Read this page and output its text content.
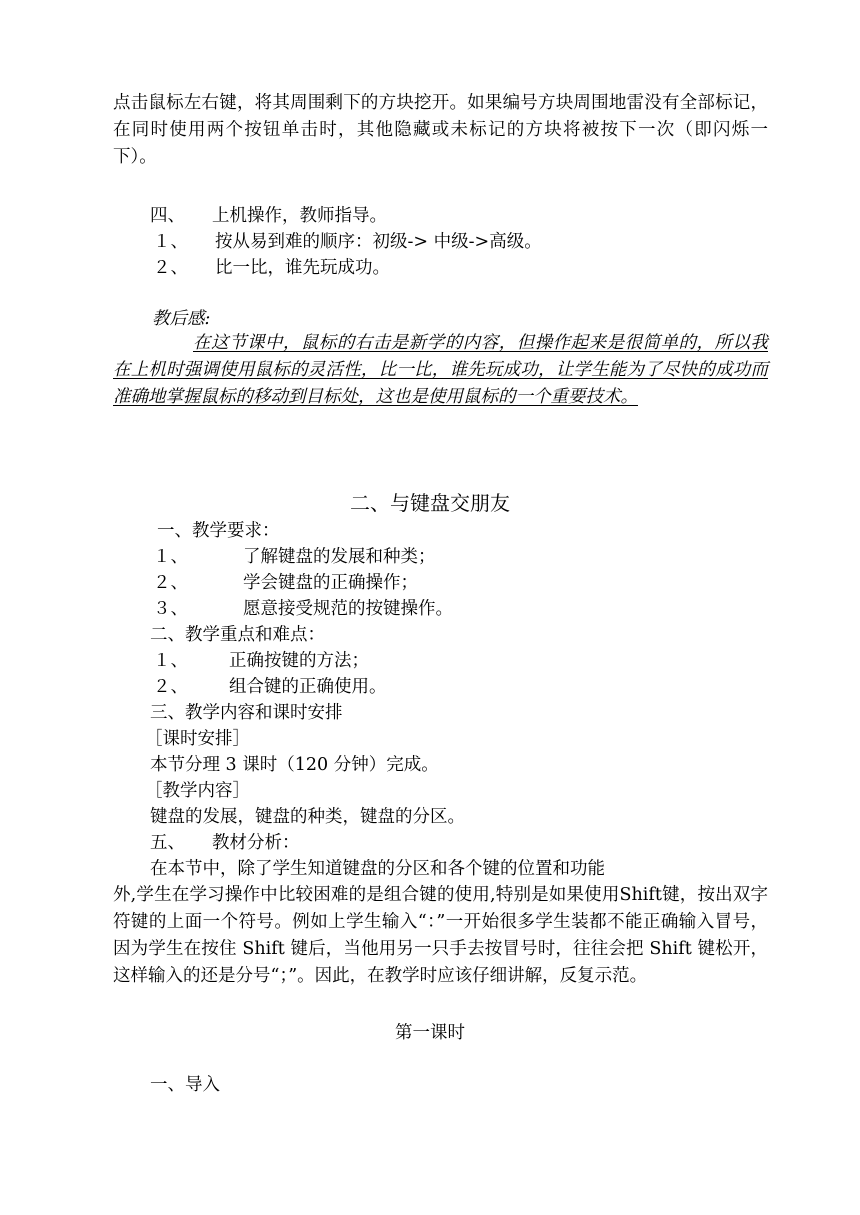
点击鼠标左右键，将其周围剩下的方块挖开。如果编号方块周围地雷没有全部标记，在同时使用两个按钮单击时，其他隐藏或未标记的方块将被按下一次（即闪烁一下）。
四、 上机操作，教师指导。
１、 按从易到难的顺序：初级-> 中级->高级。
２、 比一比，谁先玩成功。
教后感:
在这节课中，鼠标的右击是新学的内容，但操作起来是很简单的，所以我在上机时强调使用鼠标的灵活性，比一比，谁先玩成功，让学生能为了尽快的成功而准确地掌握鼠标的移动到目标处，这也是使用鼠标的一个重要技术。
二、与键盘交朋友
一、教学要求：
１、	了解键盘的发展和种类；
２、	学会键盘的正确操作；
３、	愿意接受规范的按键操作。
二、教学重点和难点：
１、 正确按键的方法；
２、 组合键的正确使用。
三、教学内容和课时安排
［课时安排］
本节分理 3 课时（120 分钟）完成。
［教学内容］
键盘的发展，键盘的种类，键盘的分区。
五、 教材分析：
在本节中，除了学生知道键盘的分区和各个键的位置和功能
外,学生在学习操作中比较困难的是组合键的使用,特别是如果使用Shift键，按出双字符键的上面一个符号。例如上学生输入“：”一开始很多学生装都不能正确输入冒号，因为学生在按住 Shift 键后，当他用另一只手去按冒号时，往往会把 Shift 键松开，这样输入的还是分号“；”。因此，在教学时应该仔细讲解，反复示范。
第一课时
一、导入
